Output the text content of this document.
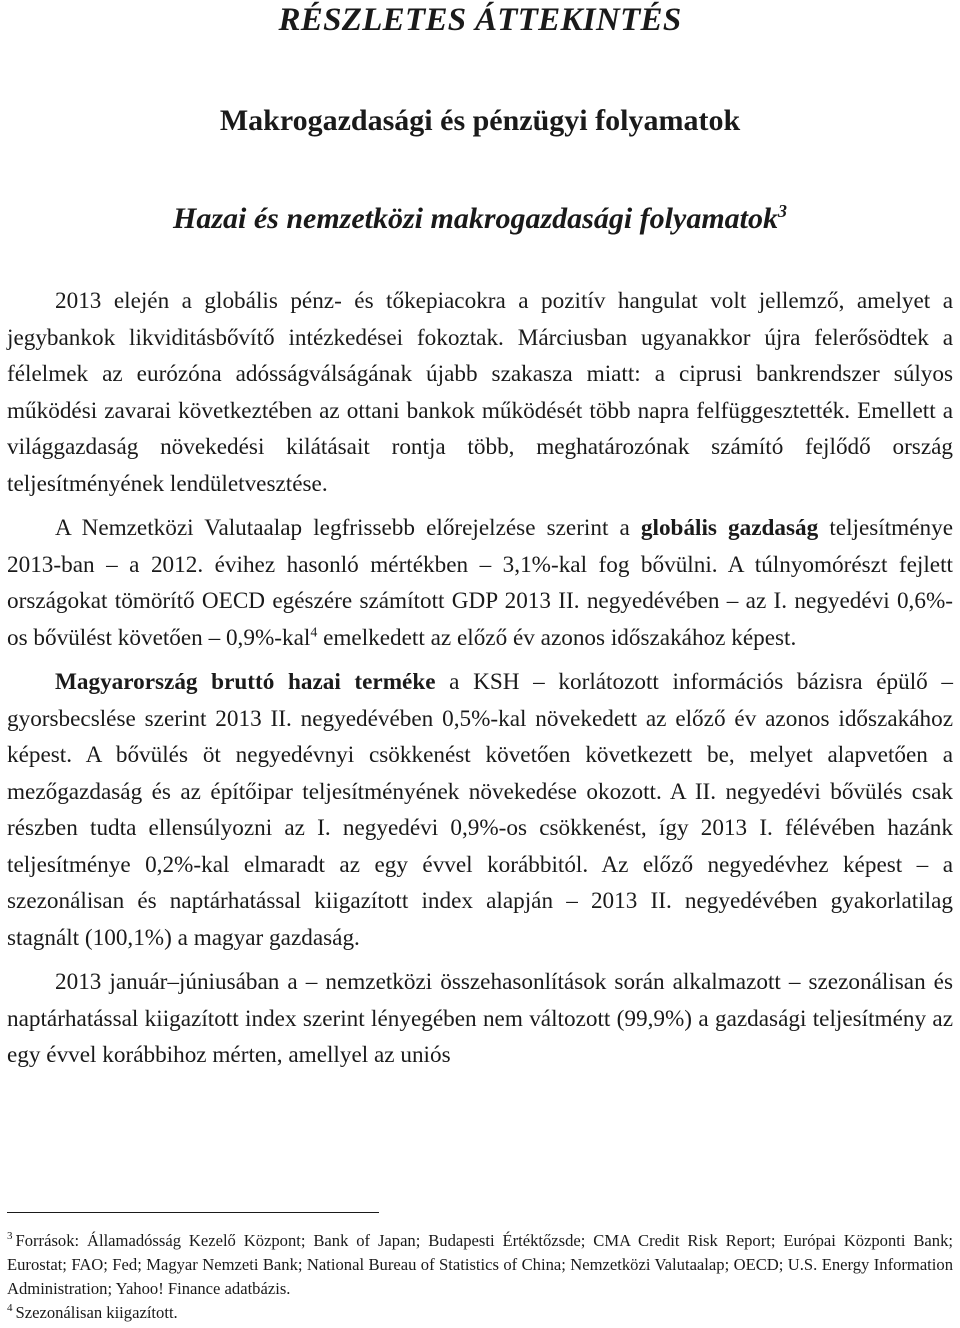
RÉSZLETES ÁTTEKINTÉS
Makrogazdasági és pénzügyi folyamatok
Hazai és nemzetközi makrogazdasági folyamatok$^3$

2013 elején a globális pénz- és tőkepiacokra a pozitív hangulat volt jellemző, amelyet a jegybankok likviditásbővítő intézkedései fokoztak. Márciusban ugyanakkor újra felerősödtek a félelmek az eurózóna adósságválságának újabb szakasza miatt: a ciprusi bankrendszer súlyos működési zavarai következtében az ottani bankok működését több napra felfüggesztették. Emellett a világgazdaság növekedési kilátásait rontja több, meghatározónak számító fejlődő ország teljesítményének lendületvesztése.

A Nemzetközi Valutaalap legfrissebb előrejelzése szerint a globális gazdaság teljesítménye 2013-ban – a 2012. évihez hasonló mértékben – 3,1%-kal fog bővülni. A túlnyomórészt fejlett országokat tömörítő OECD egészére számított GDP 2013 II. negyedévében – az I. negyedévi 0,6%-os bővülést követően – 0,9%-kal$^4$ emelkedett az előző év azonos időszakához képest.

Magyarország bruttó hazai terméke a KSH – korlátozott információs bázisra épülő – gyorsbecslése szerint 2013 II. negyedévében 0,5%-kal növekedett az előző év azonos időszakához képest. A bővülés öt negyedévnyi csökkenést követően következett be, melyet alapvetően a mezőgazdaság és az építőipar teljesítményének növekedése okozott. A II. negyedévi bővülés csak részben tudta ellensúlyozni az I. negyedévi 0,9%-os csökkenést, így 2013 I. félévében hazánk teljesítménye 0,2%-kal elmaradt az egy évvel korábbitól. Az előző negyedévhez képest – a szezonálisan és naptárhatással kiigazított index alapján – 2013 II. negyedévében gyakorlatilag stagnált (100,1%) a magyar gazdaság.

2013 január–júniusában a – nemzetközi összehasonlítások során alkalmazott – szezonálisan és naptárhatással kiigazított index szerint lényegében nem változott (99,9%) a gazdasági teljesítmény az egy évvel korábbihoz mérten, amellyel az uniós

$^3$ Források: Államadósság Kezelő Központ; Bank of Japan; Budapesti Értéktőzsde; CMA Credit Risk Report; Európai Központi Bank; Eurostat; FAO; Fed; Magyar Nemzeti Bank; National Bureau of Statistics of China; Nemzetközi Valutaalap; OECD; U.S. Energy Information Administration; Yahoo! Finance adatbázis.

$^4$ Szezonálisan kiigazított.
